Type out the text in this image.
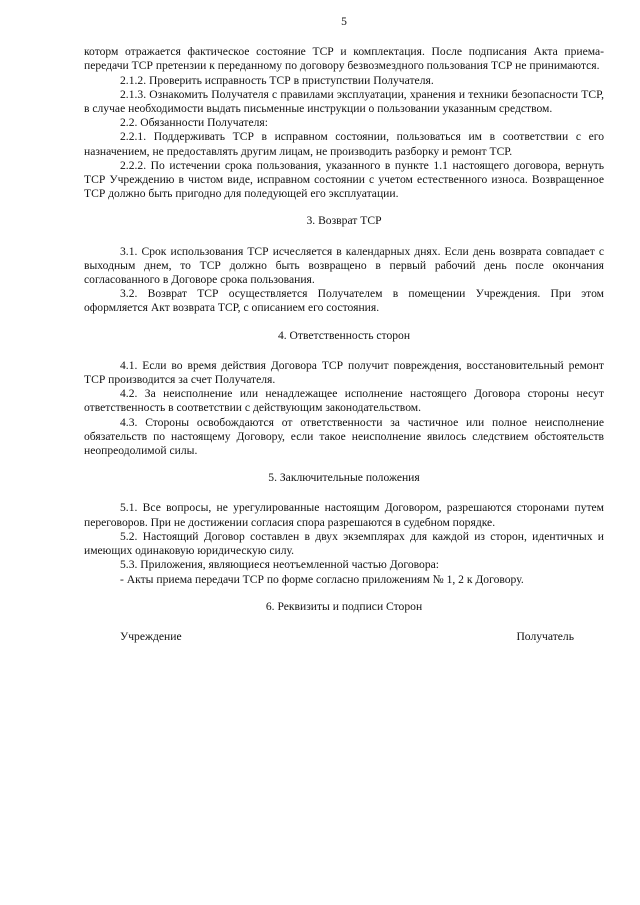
5

которм отражается фактическое состояние ТСР и комплектация. После подписания Акта приема-передачи ТСР претензии к переданному по договору безвозмездного пользования ТСР не принимаются.

2.1.2. Проверить исправность ТСР в приступствии Получателя.

2.1.3. Ознакомить Получателя с правилами эксплуатации, хранения и техники безопасности ТСР, в случае необходимости выдать письменные инструкции о пользовании указанным средством.

2.2. Обязанности Получателя:

2.2.1. Поддерживать ТСР в исправном состоянии, пользоваться им в соответствии с его назначением, не предоставлять другим лицам, не производить разборку и ремонт ТСР.

2.2.2. По истечении срока пользования, указанного в пункте 1.1 настоящего договора, вернуть ТСР Учреждению в чистом виде, исправном состоянии с учетом естественного износа. Возвращенное ТСР должно быть пригодно для поледующей его эксплуатации.

3. Возврат ТСР

3.1. Срок использования ТСР исчесляется в календарных днях. Если день возврата совпадает с выходным днем, то ТСР должно быть возвращено в первый рабочий день после окончания согласованного в Договоре срока пользования.

3.2. Возврат ТСР осуществляется Получателем в помещении Учреждения. При этом оформляется Акт возврата ТСР, с описанием его состояния.

4. Ответственность сторон

4.1. Если во время действия Договора ТСР получит повреждения, восстановительный ремонт ТСР производится за счет Получателя.

4.2. За неисполнение или ненадлежащее исполнение настоящего Договора стороны несут ответственность в соответствии с действующим законодательством.

4.3. Стороны освобождаются от ответственности за частичное или полное неисполнение обязательств по настоящему Договору, если такое неисполнение явилось следствием обстоятельств неопреодолимой силы.

5. Заключительные положения

5.1. Все вопросы, не урегулированные настоящим Договором, разрешаются сторонами путем переговоров. При не достижении согласия спора разрешаются в судебном порядке.

5.2. Настоящий Договор составлен в двух экземплярах для каждой из сторон, идентичных и имеющих одинаковую юридическую силу.

5.3. Приложения, являющиеся неотъемленной частью Договора:

- Акты приема передачи ТСР по форме согласно приложениям № 1, 2 к Договору.

6. Реквизиты и подписи Сторон
Учреждение	Получатель
